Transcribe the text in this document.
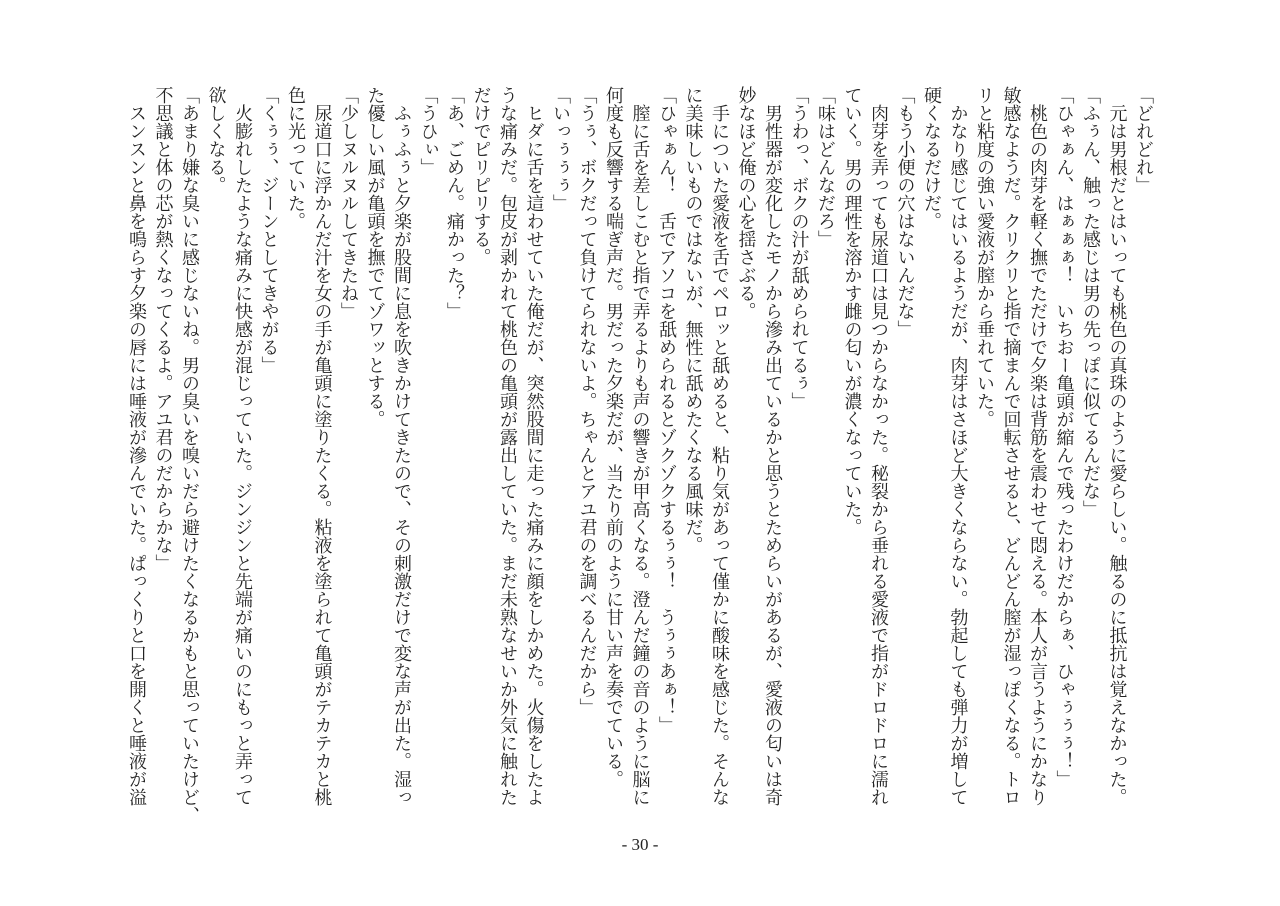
「どれどれ」
　元は男根だとはいっても桃色の真珠のように愛らしい。触るのに抵抗は覚えなかった。
「ふぅん、触った感じは男の先っぽに似てるんだな」
「ひゃぁん、はぁぁぁ！　いちおー亀頭が縮んで残ったわけだからぁ、ひゃぅぅぅ！」
　桃色の肉芽を軽く撫でただけで夕楽は背筋を震わせて悶える。本人が言うようにかなり
敏感なようだ。クリクリと指で摘まんで回転させると、どんどん膣が湿っぽくなる。トロ
リと粘度の強い愛液が膣から垂れていた。
　かなり感じてはいるようだが、肉芽はさほど大きくならない。勃起しても弾力が増して
硬くなるだけだ。
「もう小便の穴はないんだな」
　肉芽を弄っても尿道口は見つからなかった。秘裂から垂れる愛液で指がドロドロに濡れ
ていく。男の理性を溶かす雌の匂いが濃くなっていた。
「味はどんなだろ」
「うわっ、ボクの汁が舐められてるぅ」
　男性器が変化したモノから滲み出ているかと思うとためらいがあるが、愛液の匂いは奇
妙なほど俺の心を揺さぶる。
　手についた愛液を舌でペロッと舐めると、粘り気があって僅かに酸味を感じた。そんな
に美味しいものではないが、無性に舐めたくなる風味だ。
「ひゃぁん！　舌でアソコを舐められるとゾクゾクするぅぅ！　うぅぅあぁ！」
　膣に舌を差しこむと指で弄るよりも声の響きが甲高くなる。澄んだ鐘の音のように脳に
何度も反響する喘ぎ声だ。男だった夕楽だが、当たり前のように甘い声を奏でている。
「うぅ、ボクだって負けてられないよ。ちゃんとアユ君のを調べるんだから」
「いっぅぅぅ」
　ヒダに舌を這わせていた俺だが、突然股間に走った痛みに顔をしかめた。火傷をしたよ
うな痛みだ。包皮が剥かれて桃色の亀頭が露出していた。まだ未熟なせいか外気に触れた
だけでピリピリする。
「あ、ごめん。痛かった？」
「うひぃ」
　ふぅふぅと夕楽が股間に息を吹きかけてきたので、その刺激だけで変な声が出た。湿っ
た優しい風が亀頭を撫でてゾワッとする。
「少しヌルヌルしてきたね」
　尿道口に浮かんだ汁を女の手が亀頭に塗りたくる。粘液を塗られて亀頭がテカテカと桃
色に光っていた。
「くぅぅ、ジーンとしてきやがる」
　火膨れしたような痛みに快感が混じっていた。ジンジンと先端が痛いのにもっと弄って
欲しくなる。
「あまり嫌な臭いに感じないね。男の臭いを嗅いだら避けたくなるかもと思っていたけど、
不思議と体の芯が熱くなってくるよ。アユ君のだからかな」
　スンスンと鼻を鳴らす夕楽の唇には唾液が滲んでいた。ぱっくりと口を開くと唾液が溢
- 30 -
